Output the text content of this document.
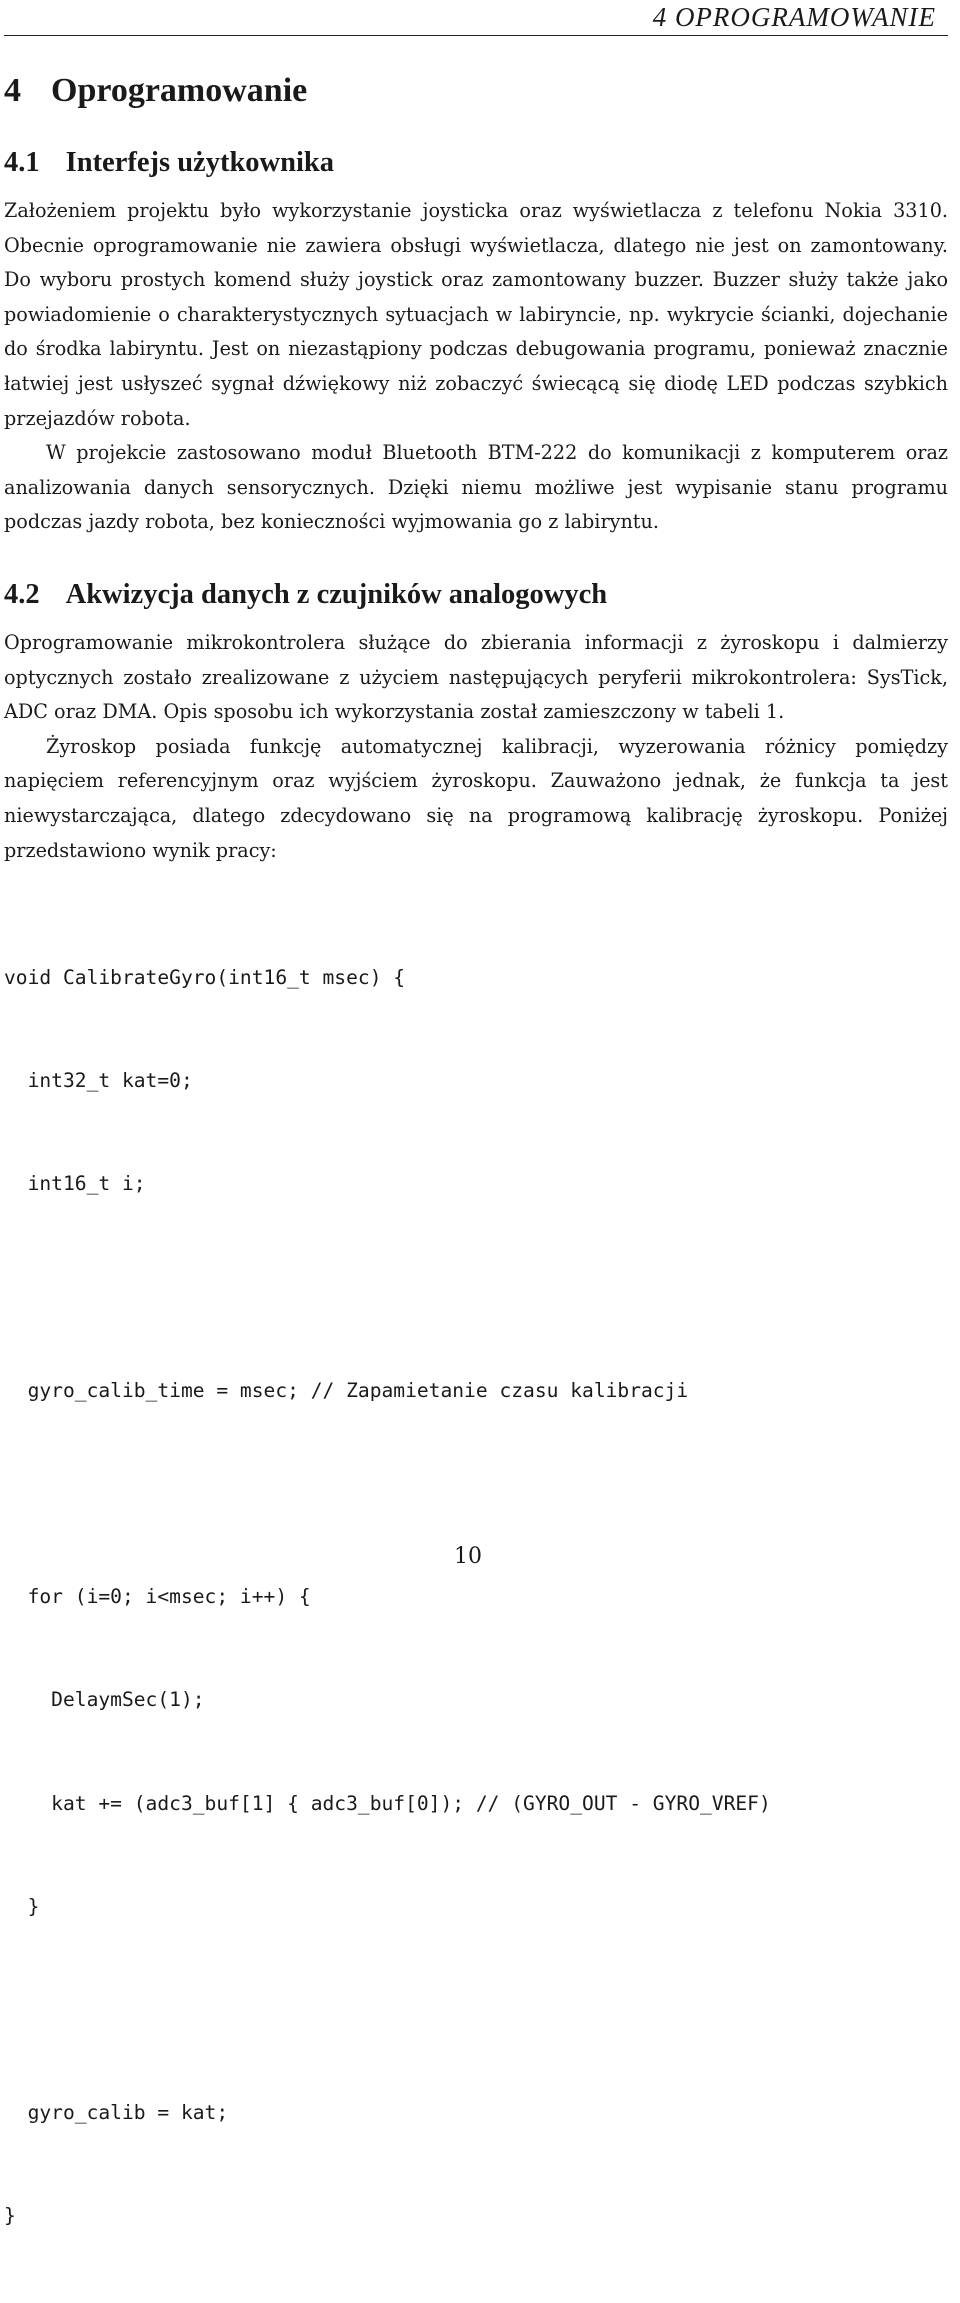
4 OPROGRAMOWANIE
4 Oprogramowanie
4.1 Interfejs użytkownika

Założeniem projektu było wykorzystanie joysticka oraz wyświetlacza z telefonu Nokia 3310. Obecnie oprogramowanie nie zawiera obsługi wyświetlacza, dlatego nie jest on zamontowany. Do wyboru prostych komend służy joystick oraz zamontowany buzzer. Buzzer służy także jako powiadomienie o charakterystycznych sytuacjach w labiryncie, np. wykrycie ścianki, dojechanie do środka labiryntu. Jest on niezastąpiony podczas debugowania programu, ponieważ znacznie łatwiej jest usłyszeć sygnał dźwiękowy niż zobaczyć świecącą się diodę LED podczas szybkich przejazdów robota.

W projekcie zastosowano moduł Bluetooth BTM-222 do komunikacji z komputerem oraz analizowania danych sensorycznych. Dzięki niemu możliwe jest wypisanie stanu programu podczas jazdy robota, bez konieczności wyjmowania go z labiryntu.

4.2 Akwizycja danych z czujników analogowych

Oprogramowanie mikrokontrolera służące do zbierania informacji z żyroskopu i dalmierzy optycznych zostało zrealizowane z użyciem następujących peryferii mikrokontrolera: SysTick, ADC oraz DMA. Opis sposobu ich wykorzystania został zamieszczony w tabeli 1.

Żyroskop posiada funkcję automatycznej kalibracji, wyzerowania różnicy pomiędzy napięciem referencyjnym oraz wyjściem żyroskopu. Zauważono jednak, że funkcja ta jest niewystarczająca, dlatego zdecydowano się na programową kalibrację żyroskopu. Poniżej przedstawiono wynik pracy:

void CalibrateGyro(int16_t msec) {

int32_t kat=0;

int16_t i;

gyro_calib_time = msec; // Zapamietanie czasu kalibracji

for (i=0; i<msec; i++) {

DelaymSec(1);

kat += (adc3_buf[1] { adc3_buf[0]); // (GYRO_OUT - GYRO_VREF)

}

gyro_calib = kat;

}

10
